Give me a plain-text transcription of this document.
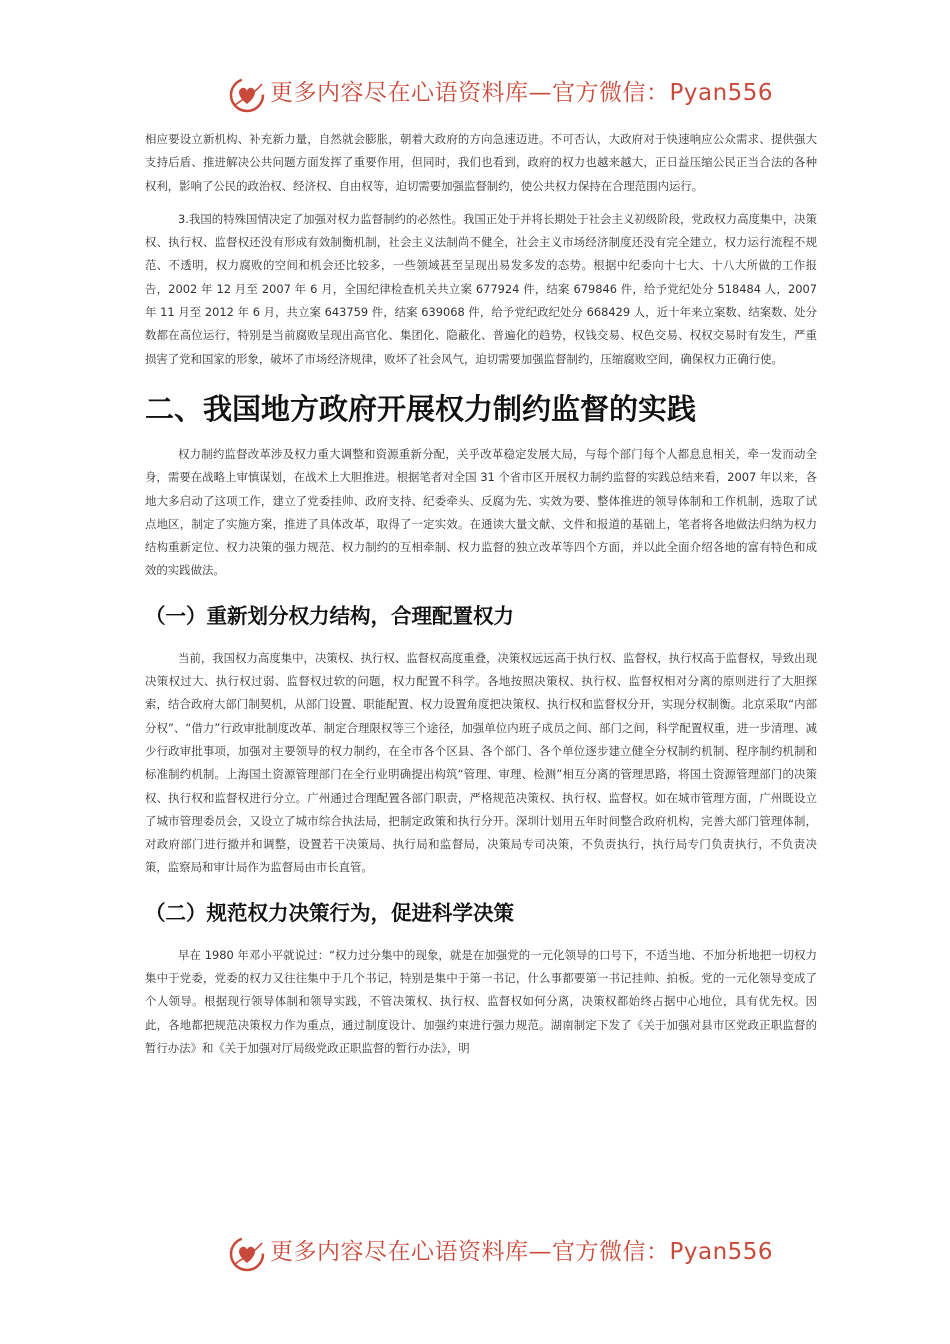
更多内容尽在心语资料库—官方微信：Pyan556

相应要设立新机构、补充新力量，自然就会膨胀，朝着大政府的方向急速迈进。不可否认，大政府对于快速响应公众需求、提供强大支持后盾、推进解决公共问题方面发挥了重要作用，但同时，我们也看到，政府的权力也越来越大，正日益压缩公民正当合法的各种权利，影响了公民的政治权、经济权、自由权等，迫切需要加强监督制约，使公共权力保持在合理范围内运行。

3.我国的特殊国情决定了加强对权力监督制约的必然性。我国正处于并将长期处于社会主义初级阶段，党政权力高度集中，决策权、执行权、监督权还没有形成有效制衡机制，社会主义法制尚不健全，社会主义市场经济制度还没有完全建立，权力运行流程不规范、不透明，权力腐败的空间和机会还比较多，一些领域甚至呈现出易发多发的态势。根据中纪委向十七大、十八大所做的工作报告，2002 年 12 月至 2007 年 6 月，全国纪律检查机关共立案 677924 件，结案 679846 件，给予党纪处分 518484 人，2007 年 11 月至 2012 年 6 月，共立案 643759 件，结案 639068 件，给予党纪政纪处分 668429 人，近十年来立案数、结案数、处分数都在高位运行，特别是当前腐败呈现出高官化、集团化、隐蔽化、普遍化的趋势，权钱交易、权色交易、权权交易时有发生，严重损害了党和国家的形象，破坏了市场经济规律，败坏了社会风气，迫切需要加强监督制约，压缩腐败空间，确保权力正确行使。

二、我国地方政府开展权力制约监督的实践

权力制约监督改革涉及权力重大调整和资源重新分配，关乎改革稳定发展大局，与每个部门每个人都息息相关，牵一发而动全身，需要在战略上审慎谋划，在战术上大胆推进。根据笔者对全国 31 个省市区开展权力制约监督的实践总结来看，2007 年以来，各地大多启动了这项工作，建立了党委挂帅、政府支持、纪委牵头、反腐为先、实效为要、整体推进的领导体制和工作机制，选取了试点地区，制定了实施方案，推进了具体改革，取得了一定实效。在通读大量文献、文件和报道的基础上，笔者将各地做法归纳为权力结构重新定位、权力决策的强力规范、权力制约的互相牵制、权力监督的独立改革等四个方面，并以此全面介绍各地的富有特色和成效的实践做法。

（一）重新划分权力结构，合理配置权力

当前，我国权力高度集中，决策权、执行权、监督权高度重叠，决策权远远高于执行权、监督权，执行权高于监督权，导致出现决策权过大、执行权过弱、监督权过软的问题，权力配置不科学。各地按照决策权、执行权、监督权相对分离的原则进行了大胆探索，结合政府大部门制契机，从部门设置、职能配置、权力设置角度把决策权、执行权和监督权分开，实现分权制衡。北京采取“内部分权”、“借力”行政审批制度改革、制定合理限权等三个途径，加强单位内班子成员之间、部门之间，科学配置权重，进一步清理、减少行政审批事项，加强对主要领导的权力制约，在全市各个区县、各个部门、各个单位逐步建立健全分权制约机制、程序制约机制和标准制约机制。上海国土资源管理部门在全行业明确提出构筑“管理、审理、检测”相互分离的管理思路，将国土资源管理部门的决策权、执行权和监督权进行分立。广州通过合理配置各部门职责，严格规范决策权、执行权、监督权。如在城市管理方面，广州既设立了城市管理委员会，又设立了城市综合执法局，把制定政策和执行分开。深圳计划用五年时间整合政府机构，完善大部门管理体制，对政府部门进行撤并和调整，设置若干决策局、执行局和监督局，决策局专司决策，不负责执行，执行局专门负责执行，不负责决策，监察局和审计局作为监督局由市长直管。

（二）规范权力决策行为，促进科学决策

早在 1980 年邓小平就说过：“权力过分集中的现象，就是在加强党的一元化领导的口号下，不适当地、不加分析地把一切权力集中于党委，党委的权力又往往集中于几个书记，特别是集中于第一书记，什么事都要第一书记挂帅、拍板。党的一元化领导变成了个人领导。根据现行领导体制和领导实践，不管决策权、执行权、监督权如何分离，决策权都始终占据中心地位，具有优先权。因此，各地都把规范决策权力作为重点，通过制度设计、加强约束进行强力规范。湖南制定下发了《关于加强对县市区党政正职监督的暂行办法》和《关于加强对厅局级党政正职监督的暂行办法》，明

更多内容尽在心语资料库—官方微信：Pyan556
